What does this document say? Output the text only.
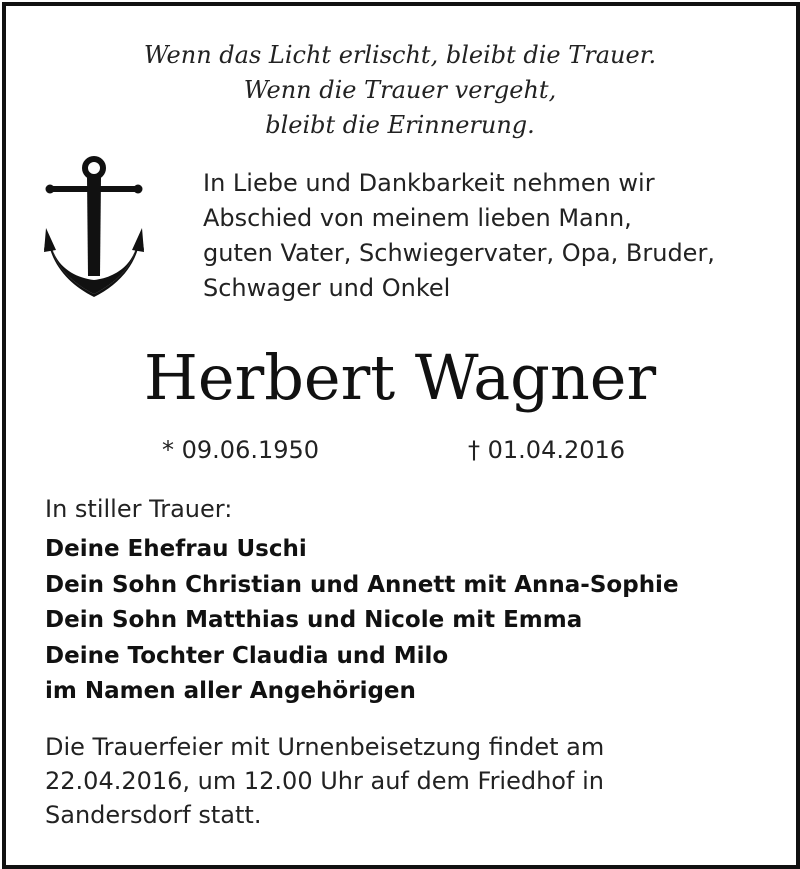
Wenn das Licht erlischt, bleibt die Trauer.
Wenn die Trauer vergeht,
bleibt die Erinnerung.
In Liebe und Dankbarkeit nehmen wir
Abschied von meinem lieben Mann,
guten Vater, Schwiegervater, Opa, Bruder,
Schwager und Onkel
Herbert Wagner
* 09.06.1950	† 01.04.2016
In stiller Trauer:
Deine Ehefrau Uschi
Dein Sohn Christian und Annett mit Anna-Sophie
Dein Sohn Matthias und Nicole mit Emma
Deine Tochter Claudia und Milo
im Namen aller Angehörigen
Die Trauerfeier mit Urnenbeisetzung findet am
22.04.2016, um 12.00 Uhr auf dem Friedhof in
Sandersdorf statt.
